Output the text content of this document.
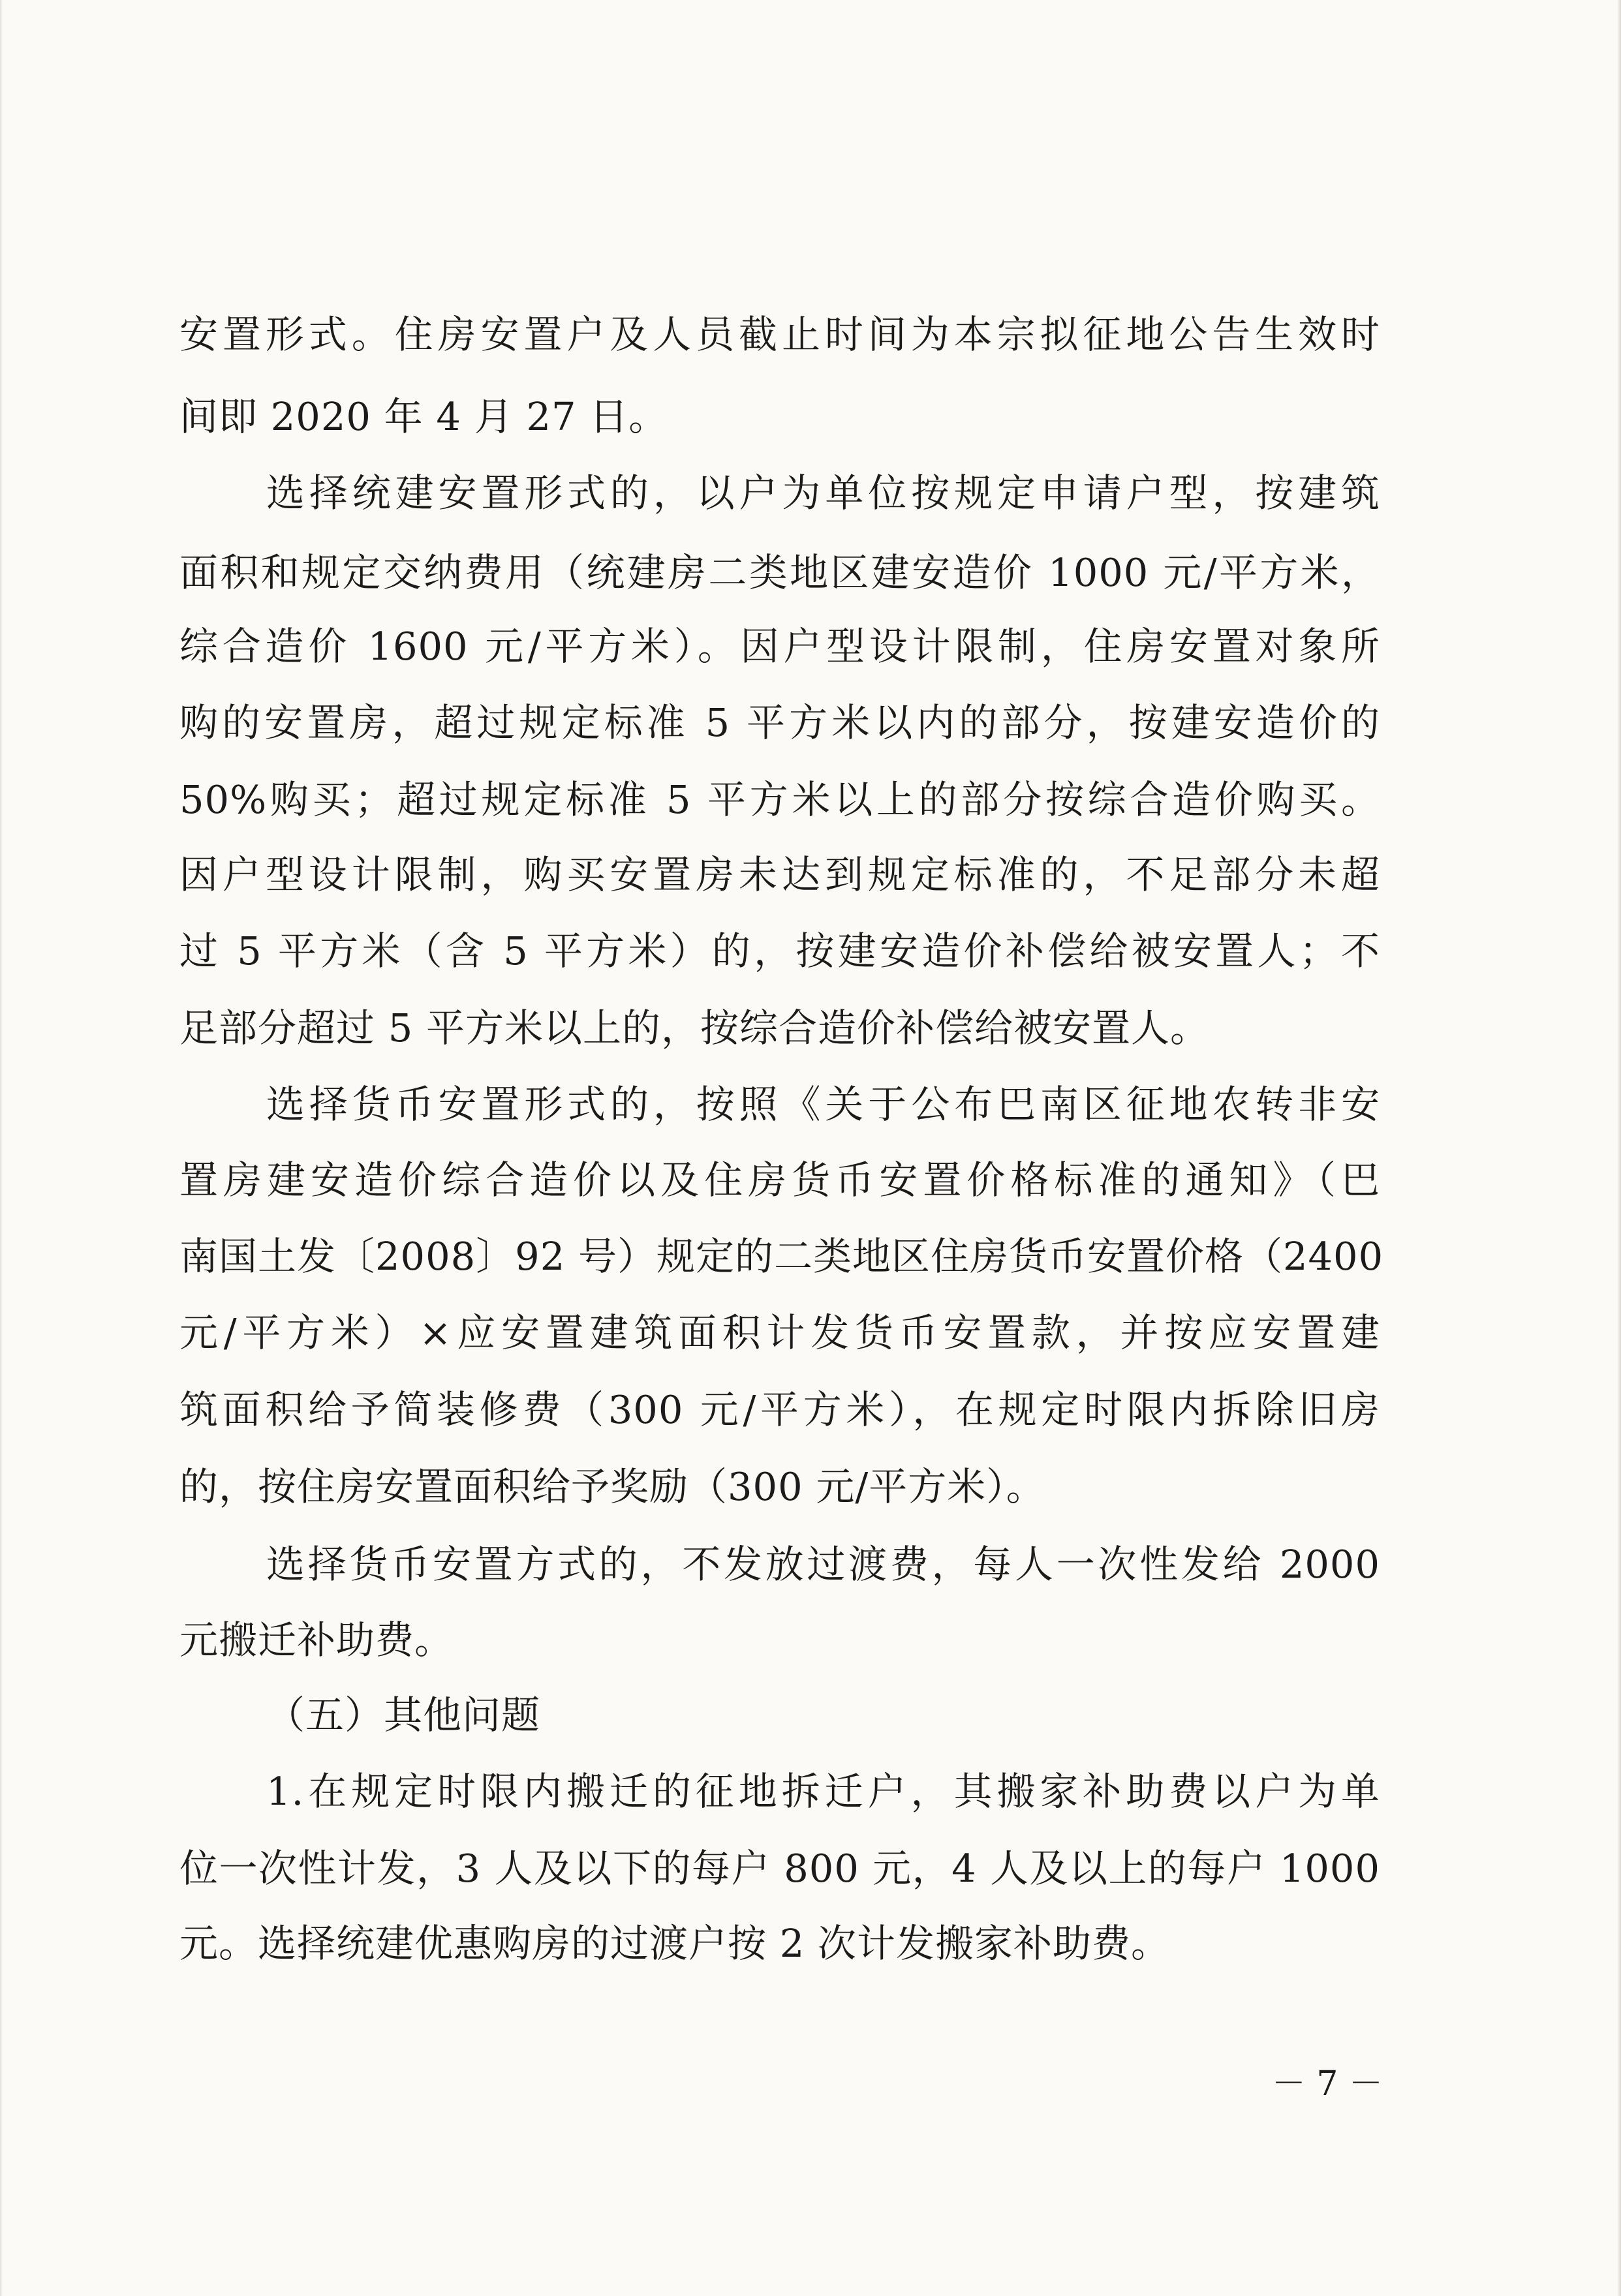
安置形式。住房安置户及人员截止时间为本宗拟征地公告生效时
间即 2020 年 4 月 27 日。
选择统建安置形式的，以户为单位按规定申请户型，按建筑
面积和规定交纳费用（统建房二类地区建安造价 1000 元/平方米，
综合造价 1600 元/平方米）。因户型设计限制，住房安置对象所
购的安置房，超过规定标准 5 平方米以内的部分，按建安造价的
50%购买；超过规定标准 5 平方米以上的部分按综合造价购买。
因户型设计限制，购买安置房未达到规定标准的，不足部分未超
过 5 平方米（含 5 平方米）的，按建安造价补偿给被安置人；不
足部分超过 5 平方米以上的，按综合造价补偿给被安置人。
选择货币安置形式的，按照《关于公布巴南区征地农转非安
置房建安造价综合造价以及住房货币安置价格标准的通知》（巴
南国土发〔2008〕92 号）规定的二类地区住房货币安置价格（2400
元/平方米）×应安置建筑面积计发货币安置款，并按应安置建
筑面积给予简装修费（300 元/平方米），在规定时限内拆除旧房
的，按住房安置面积给予奖励（300 元/平方米）。
选择货币安置方式的，不发放过渡费，每人一次性发给 2000
元搬迁补助费。
（五）其他问题
1.在规定时限内搬迁的征地拆迁户，其搬家补助费以户为单
位一次性计发，3 人及以下的每户 800 元，4 人及以上的每户 1000
元。选择统建优惠购房的过渡户按 2 次计发搬家补助费。
－ 7 －
